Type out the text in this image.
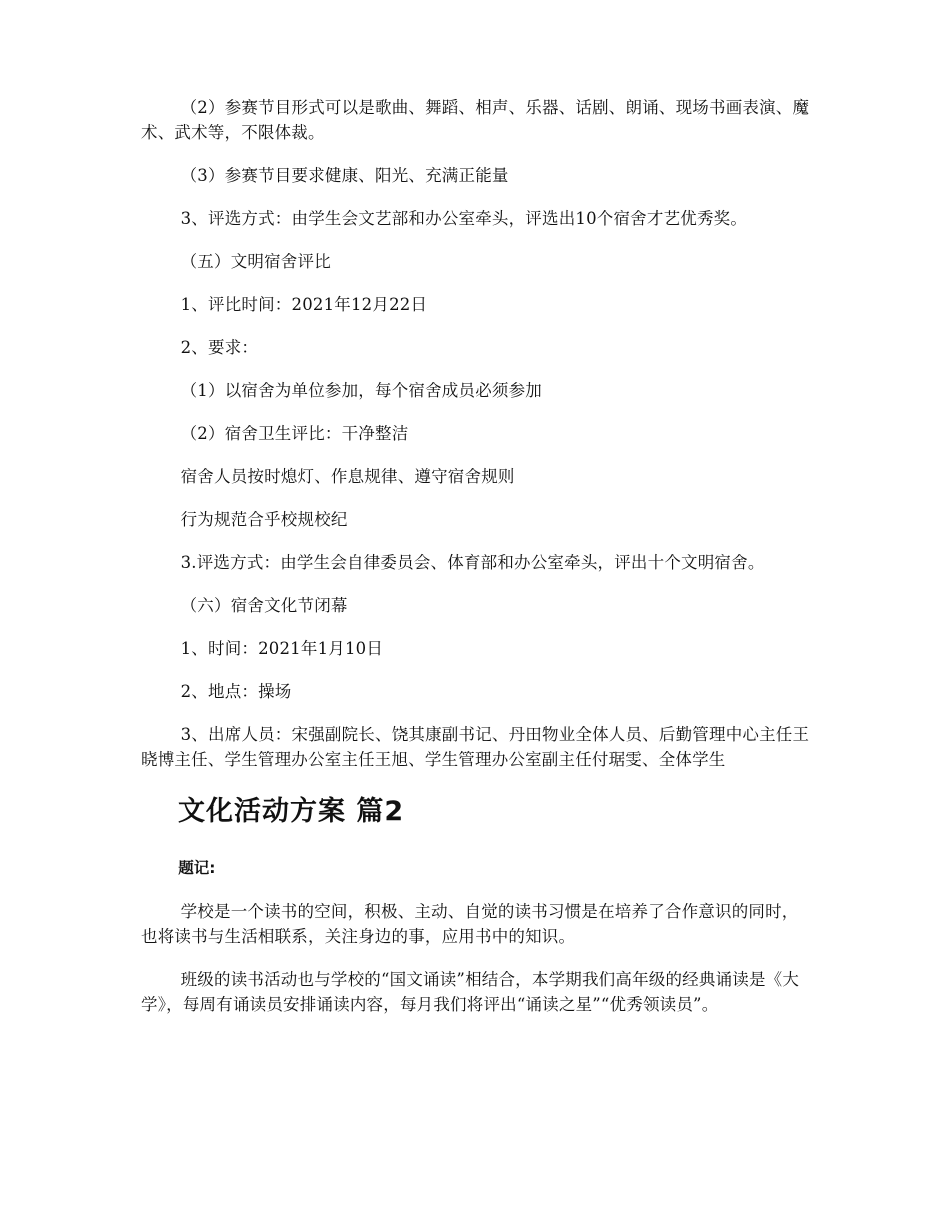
（2）参赛节目形式可以是歌曲、舞蹈、相声、乐器、话剧、朗诵、现场书画表演、魔术、武术等，不限体裁。

（3）参赛节目要求健康、阳光、充满正能量

3、评选方式：由学生会文艺部和办公室牵头，评选出10个宿舍才艺优秀奖。

（五）文明宿舍评比

1、评比时间：2021年12月22日

2、要求：

（1）以宿舍为单位参加，每个宿舍成员必须参加

（2）宿舍卫生评比：干净整洁

宿舍人员按时熄灯、作息规律、遵守宿舍规则

行为规范合乎校规校纪

3.评选方式：由学生会自律委员会、体育部和办公室牵头，评出十个文明宿舍。

（六）宿舍文化节闭幕

1、时间：2021年1月10日

2、地点：操场

3、出席人员：宋强副院长、饶其康副书记、丹田物业全体人员、后勤管理中心主任王晓博主任、学生管理办公室主任王旭、学生管理办公室副主任付琚雯、全体学生

文化活动方案 篇2

题记:

学校是一个读书的空间，积极、主动、自觉的读书习惯是在培养了合作意识的同时，也将读书与生活相联系，关注身边的事，应用书中的知识。

班级的读书活动也与学校的“国文诵读”相结合，本学期我们高年级的经典诵读是《大学》，每周有诵读员安排诵读内容，每月我们将评出“诵读之星”“优秀领读员”。
